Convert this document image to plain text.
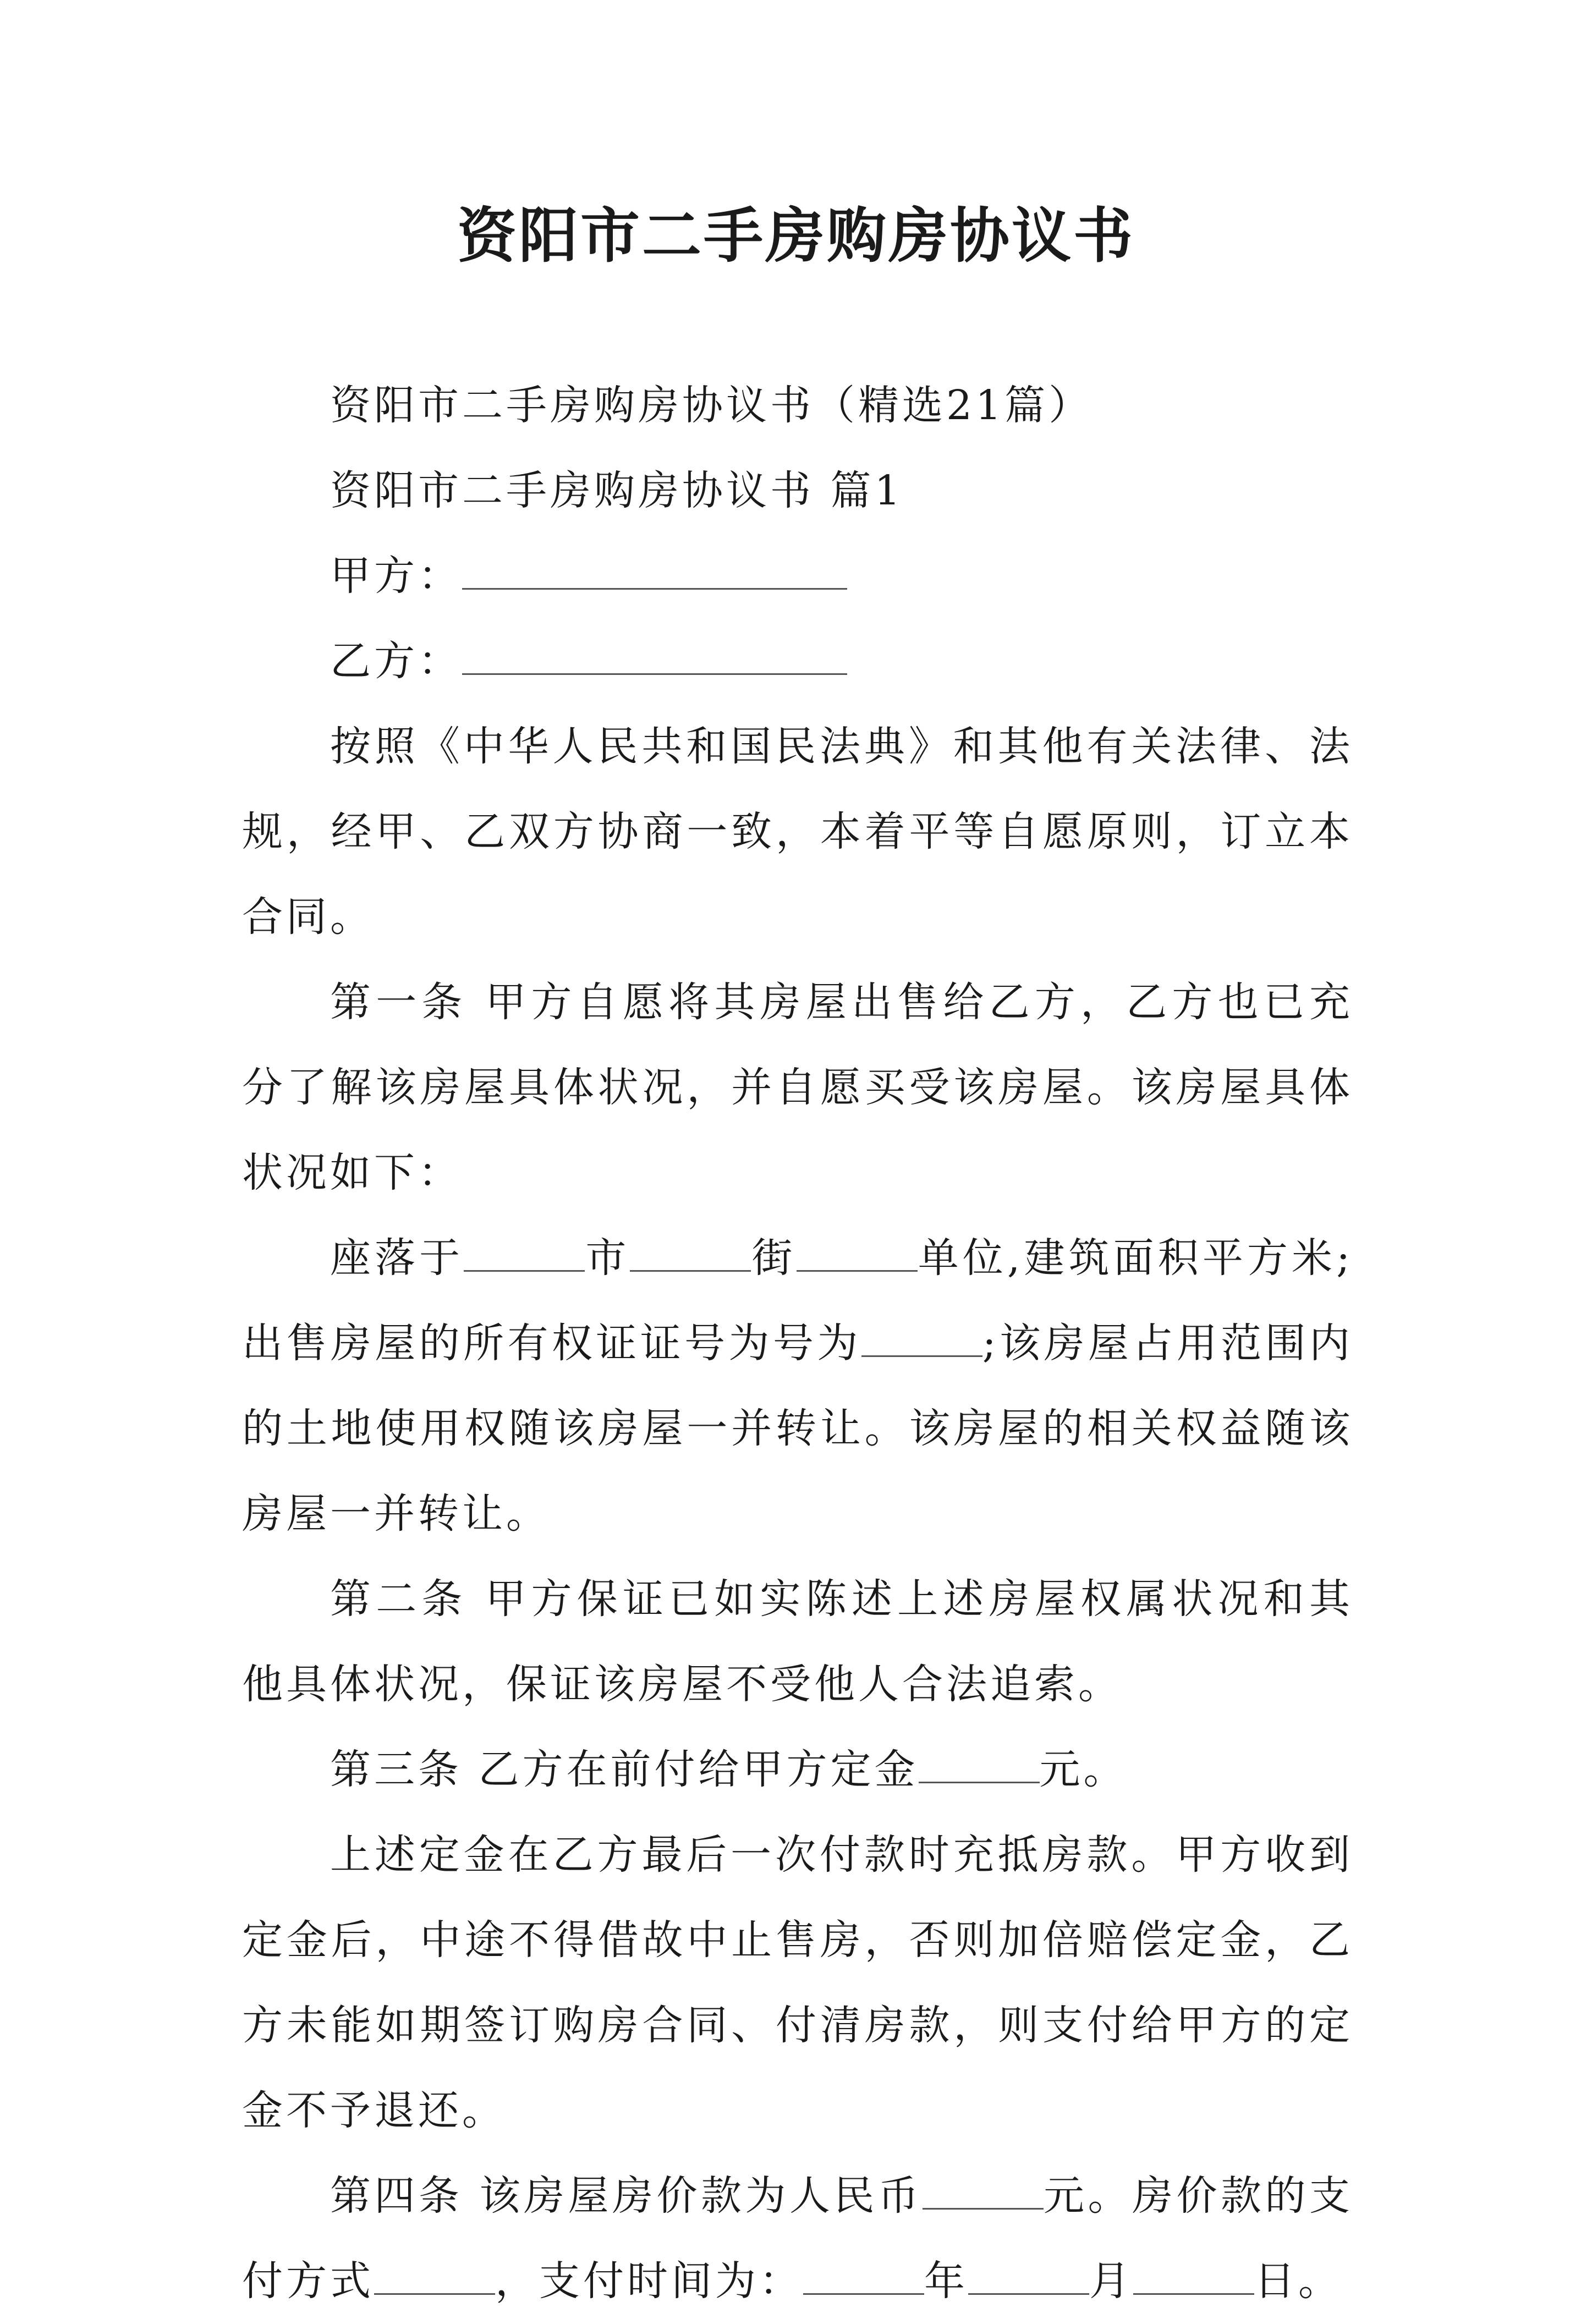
资阳市二手房购房协议书

资阳市二手房购房协议书（精选21篇）

资阳市二手房购房协议书 篇1

甲方：

乙方：

按照《中华人民共和国民法典》和其他有关法律、法规，经甲、乙双方协商一致，本着平等自愿原则，订立本合同。

第一条 甲方自愿将其房屋出售给乙方，乙方也已充分了解该房屋具体状况，并自愿买受该房屋。该房屋具体状况如下：

座落于	市	街	单位,建筑面积平方米;出售房屋的所有权证证号为号为	;该房屋占用范围内的土地使用权随该房屋一并转让。该房屋的相关权益随该房屋一并转让。

第二条 甲方保证已如实陈述上述房屋权属状况和其他具体状况，保证该房屋不受他人合法追索。

第三条 乙方在前付给甲方定金	元。

上述定金在乙方最后一次付款时充抵房款。甲方收到定金后，中途不得借故中止售房，否则加倍赔偿定金，乙方未能如期签订购房合同、付清房款，则支付给甲方的定金不予退还。

第四条 该房屋房价款为人民币	元。房价款的支付方式	，支付时间为：	年	月	日。
